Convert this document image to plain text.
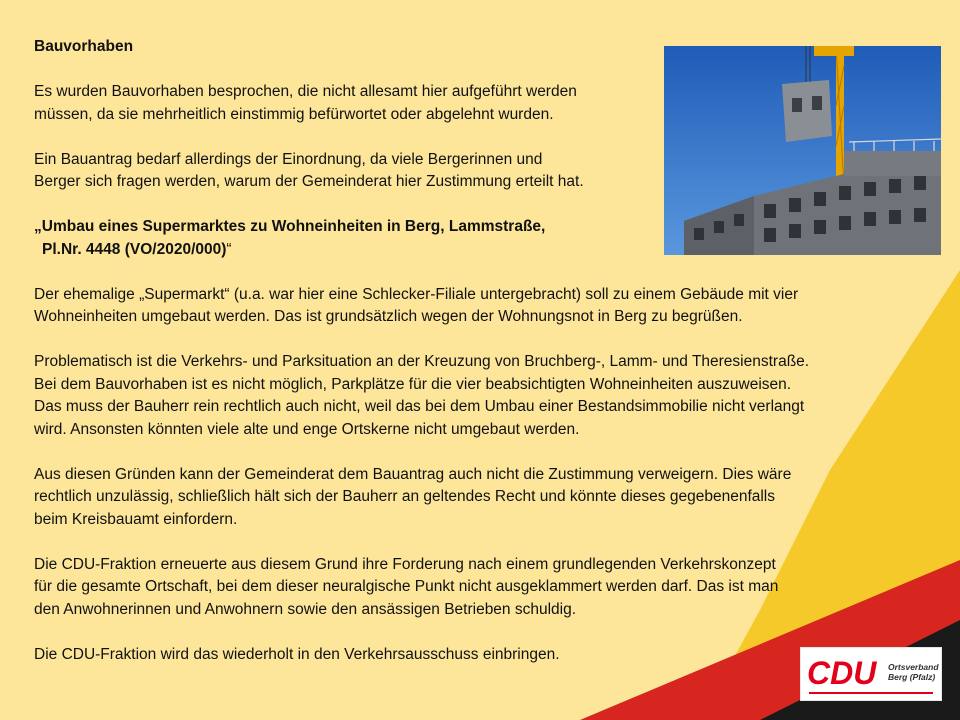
Bauvorhaben

Es wurden Bauvorhaben besprochen, die nicht allesamt hier aufgeführt werden
müssen, da sie mehrheitlich einstimmig befürwortet oder abgelehnt wurden.

Ein Bauantrag bedarf allerdings der Einordnung, da viele Bergerinnen und
Berger sich fragen werden, warum der Gemeinderat hier Zustimmung erteilt hat.

„Umbau eines Supermarktes zu Wohneinheiten in Berg, Lammstraße,
Pl.Nr. 4448 (VO/2020/000)“

Der ehemalige „Supermarkt“ (u.a. war hier eine Schlecker-Filiale untergebracht) soll zu einem Gebäude mit vier
Wohneinheiten umgebaut werden. Das ist grundsätzlich wegen der Wohnungsnot in Berg zu begrüßen.

Problematisch ist die Verkehrs- und Parksituation an der Kreuzung von Bruchberg-, Lamm- und Theresienstraße.
Bei dem Bauvorhaben ist es nicht möglich, Parkplätze für die vier beabsichtigten Wohneinheiten auszuweisen.
Das muss der Bauherr rein rechtlich auch nicht, weil das bei dem Umbau einer Bestandsimmobilie nicht verlangt
wird. Ansonsten könnten viele alte und enge Ortskerne nicht umgebaut werden.

Aus diesen Gründen kann der Gemeinderat dem Bauantrag auch nicht die Zustimmung verweigern. Dies wäre
rechtlich unzulässig, schließlich hält sich der Bauherr an geltendes Recht und könnte dieses gegebenenfalls
beim Kreisbauamt einfordern.

Die CDU-Fraktion erneuerte aus diesem Grund ihre Forderung nach einem grundlegenden Verkehrskonzept
für die gesamte Ortschaft, bei dem dieser neuralgische Punkt nicht ausgeklammert werden darf. Das ist man
den Anwohnerinnen und Anwohnern sowie den ansässigen Betrieben schuldig.

Die CDU-Fraktion wird das wiederholt in den Verkehrsausschuss einbringen.

CDU Ortsverband
Berg (Pfalz)
